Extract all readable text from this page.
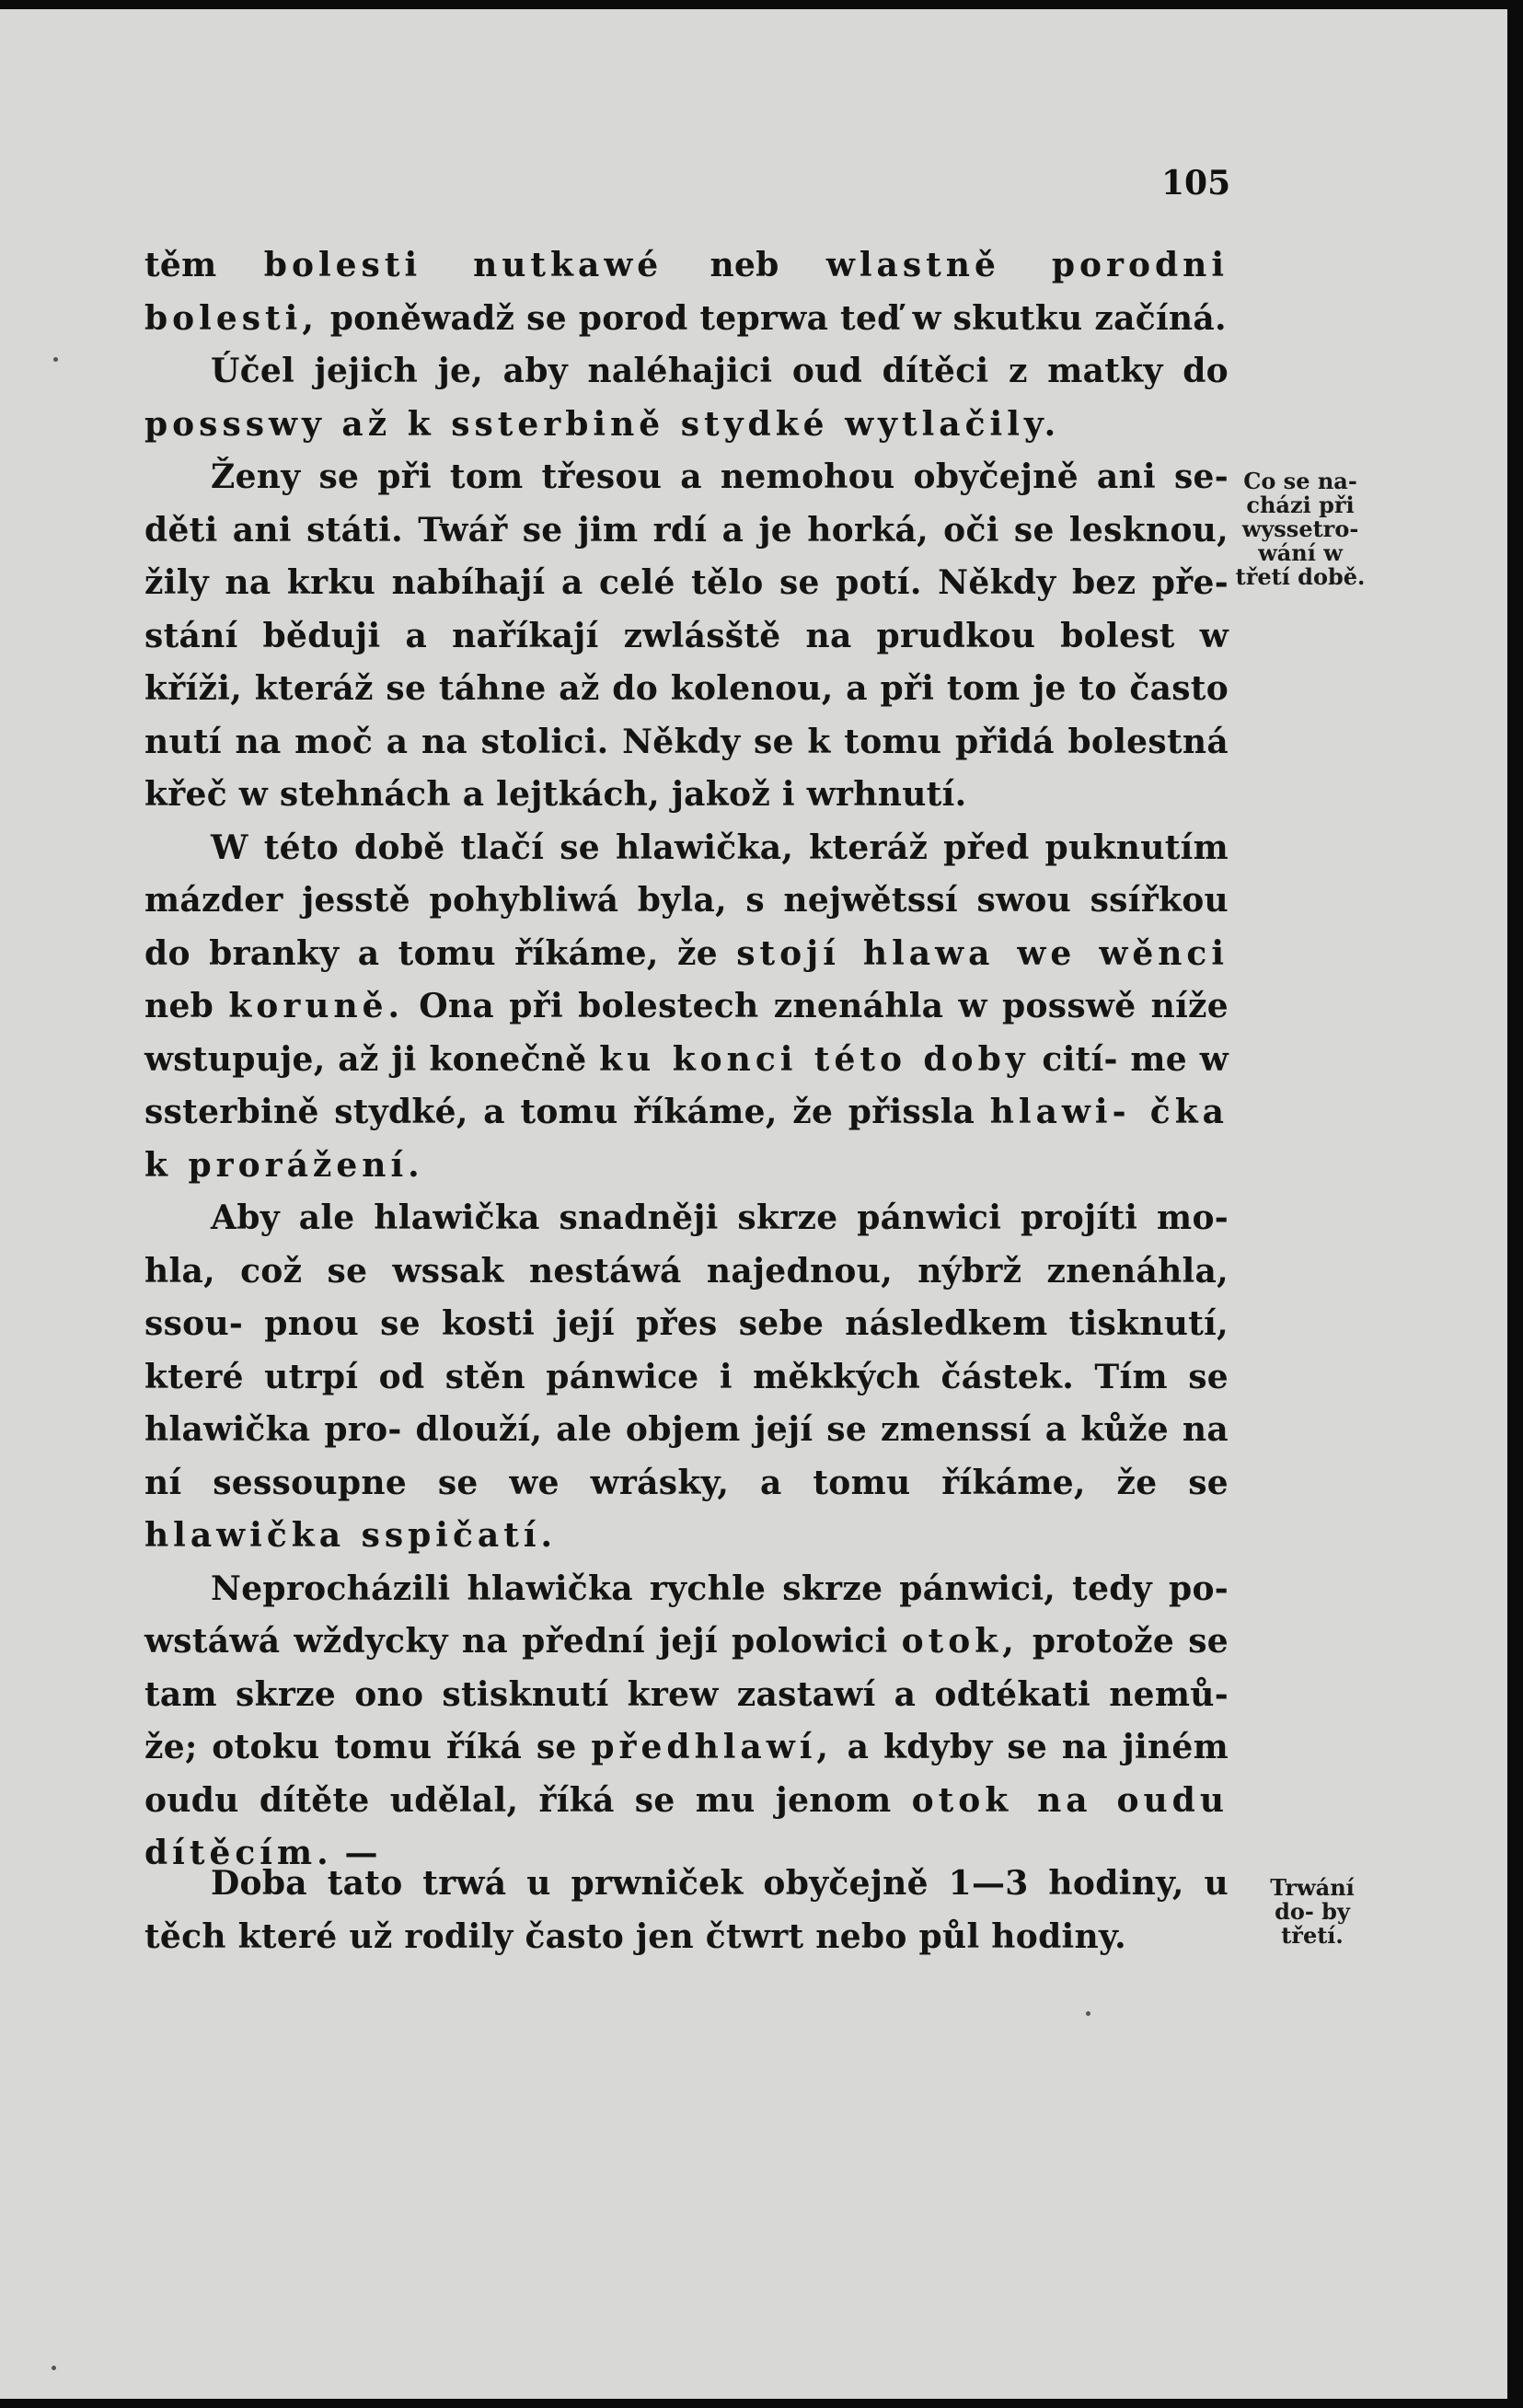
105

těm bolesti nutkawé neb wlastně porodni bolesti, poněwadž se porod teprwa teď w skutku začíná.

Účel jejich je, aby naléhajici oud dítěci z matky do possswy až k ssterbině stydké wytlačily.

Ženy se při tom třesou a nemohou obyčejně ani se- děti ani státi. Twář se jim rdí a je horká, oči se lesknou, žily na krku nabíhají a celé tělo se potí. Někdy bez pře- stání běduji a naříkají zwlásště na prudkou bolest w kříži, kteráž se táhne až do kolenou, a při tom je to často nutí na moč a na stolici. Někdy se k tomu přidá bolestná křeč w stehnách a lejtkách, jakož i wrhnutí.

W této době tlačí se hlawička, kteráž před puknutím mázder jesstě pohybliwá byla, s nejwětssí swou ssířkou do branky a tomu říkáme, že stojí hlawa we wěnci neb koruně. Ona při bolestech znenáhla w posswě níže wstupuje, až ji konečně ku konci této doby cití- me w ssterbině stydké, a tomu říkáme, že přissla hlawi- čka k prorážení.

Aby ale hlawička snadněji skrze pánwici projíti mo- hla, což se wssak nestáwá najednou, nýbrž znenáhla, ssou- pnou se kosti její přes sebe následkem tisknutí, které utrpí od stěn pánwice i měkkých částek. Tím se hlawička pro- dlouží, ale objem její se zmenssí a kůže na ní sessoupne se we wrásky, a tomu říkáme, že se hlawička sspičatí.

Neprocházili hlawička rychle skrze pánwici, tedy po- wstáwá wždycky na přední její polowici otok, protože se tam skrze ono stisknutí krew zastawí a odtékati nemů- že; otoku tomu říká se předhlawí, a kdyby se na jiném oudu dítěte udělal, říká se mu jenom otok na oudu dítěcím. —

Doba tato trwá u prwniček obyčejně 1—3 hodiny, u těch které už rodily často jen čtwrt nebo půl hodiny.

Co se na- cházi při wyssetro- wání w třetí době.
Trwání do- by třetí.
